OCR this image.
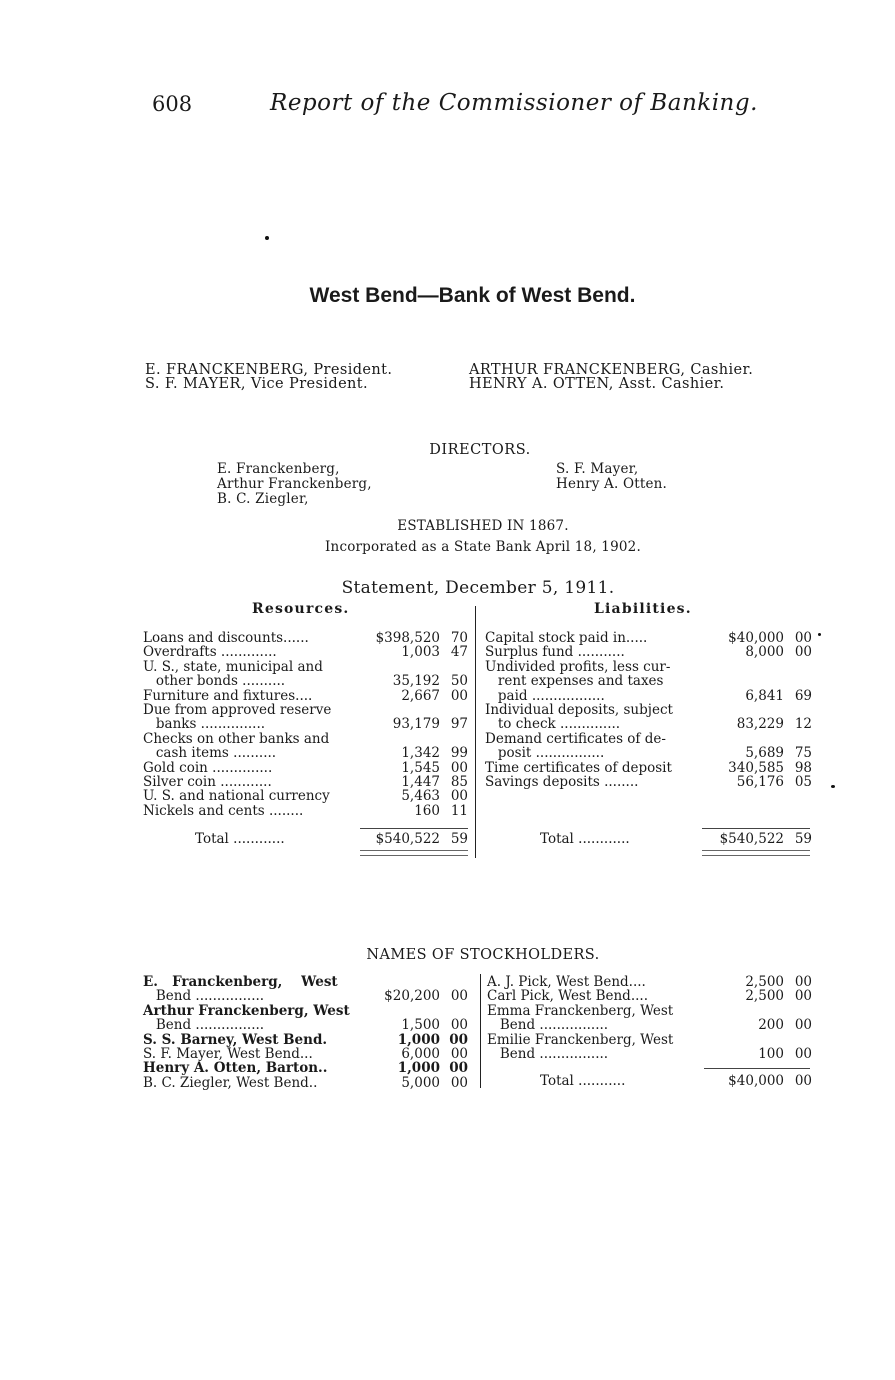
608	Report of the Commissioner of Banking.
West Bend—Bank of West Bend.
E. FRANCKENBERG, President.
S. F. MAYER, Vice President.
ARTHUR FRANCKENBERG, Cashier.
HENRY A. OTTEN, Asst. Cashier.
DIRECTORS.
E. Franckenberg,
Arthur Franckenberg,
B. C. Ziegler,
S. F. Mayer,
Henry A. Otten.
ESTABLISHED IN 1867.
Incorporated as a State Bank April 18, 1902.
Statement, December 5, 1911.
Resources.	Liabilities.
Loans and discounts......	$398,520 70
Overdrafts .............	1,003 47
U. S., state, municipal and
other bonds ..........	35,192 50
Furniture and fixtures....	2,667 00
Due from approved reserve
banks ...............	93,179 97
Checks on other banks and
cash items ..........	1,342 99
Gold coin ..............	1,545 00
Silver coin ............	1,447 85
U. S. and national currency	5,463 00
Nickels and cents ........	160 11
Capital stock paid in.....	$40,000 00
Surplus fund ...........	8,000 00
Undivided profits, less cur-
rent expenses and taxes
paid .................	6,841 69
Individual deposits, subject
to check ..............	83,229 12
Demand certificates of de-
posit ................	5,689 75
Time certificates of deposit	340,585 98
Savings deposits ........	56,176 05
Total ............	$540,522 59	Total ............	$540,522 59
NAMES OF STOCKHOLDERS.
E.   Franckenberg,    West
Bend ................	$20,200 00
Arthur Franckenberg, West
Bend ................	1,500 00
S. S. Barney, West Bend.	1,000 00
S. F. Mayer, West Bend...	6,000 00
Henry A. Otten, Barton..	1,000 00
B. C. Ziegler, West Bend..	5,000 00
A. J. Pick, West Bend....	2,500 00
Carl Pick, West Bend....	2,500 00
Emma Franckenberg, West
Bend ................	200 00
Emilie Franckenberg, West
Bend ................	100 00
Total ...........	$40,000 00
